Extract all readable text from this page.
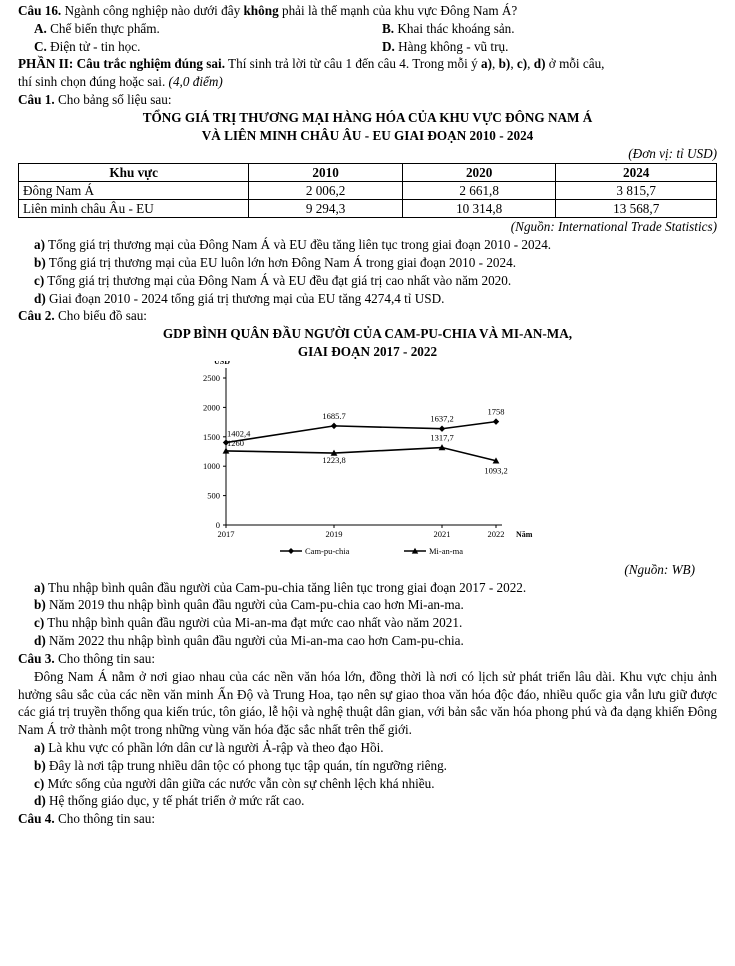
Câu 16. Ngành công nghiệp nào dưới đây không phải là thế mạnh của khu vực Đông Nam Á?

A. Chế biến thực phẩm.	B. Khai thác khoáng sản.
C. Điện tử - tin học.	D. Hàng không - vũ trụ.

PHẦN II: Câu trắc nghiệm đúng sai. Thí sinh trả lời từ câu 1 đến câu 4. Trong mỗi ý a), b), c), d) ở mỗi câu,

thí sinh chọn đúng hoặc sai. (4,0 điểm)

Câu 1. Cho bảng số liệu sau:

TỔNG GIÁ TRỊ THƯƠNG MẠI HÀNG HÓA CỦA KHU VỰC ĐÔNG NAM Á

VÀ LIÊN MINH CHÂU ÂU - EU GIAI ĐOẠN 2010 - 2024

(Đơn vị: tỉ USD)

Khu vực	2010	2020	2024
Đông Nam Á	2 006,2	2 661,8	3 815,7
Liên minh châu Âu - EU	9 294,3	10 314,8	13 568,7

(Nguồn: International Trade Statistics)

a) Tổng giá trị thương mại của Đông Nam Á và EU đều tăng liên tục trong giai đoạn 2010 - 2024.

b) Tổng giá trị thương mại của EU luôn lớn hơn Đông Nam Á trong giai đoạn 2010 - 2024.

c) Tổng giá trị thương mại của Đông Nam Á và EU đều đạt giá trị cao nhất vào năm 2020.

d) Giai đoạn 2010 - 2024 tổng giá trị thương mại của EU tăng 4274,4 tỉ USD.

Câu 2. Cho biểu đồ sau:

GDP BÌNH QUÂN ĐẦU NGƯỜI CỦA CAM-PU-CHIA VÀ MI-AN-MA,

GIAI ĐOẠN 2017 - 2022

USD
Năm
0
500
1000
1500
2000
2500
2017	2019	2021	2022
1402,4
1685.7	1637,2
1758
1260
1223,8
1317,7
1093,2
Cam-pu-chia	Mi-an-ma

(Nguồn: WB)

a) Thu nhập bình quân đầu người của Cam-pu-chia tăng liên tục trong giai đoạn 2017 - 2022.

b) Năm 2019 thu nhập bình quân đầu người của Cam-pu-chia cao hơn Mi-an-ma.

c) Thu nhập bình quân đầu người của Mi-an-ma đạt mức cao nhất vào năm 2021.

d) Năm 2022 thu nhập bình quân đầu người của Mi-an-ma cao hơn Cam-pu-chia.

Câu 3. Cho thông tin sau:

Đông Nam Á nằm ở nơi giao nhau của các nền văn hóa lớn, đồng thời là nơi có lịch sử phát triển lâu dài. Khu vực chịu ảnh hưởng sâu sắc của các nền văn minh Ấn Độ và Trung Hoa, tạo nên sự giao thoa văn hóa độc đáo, nhiều quốc gia vẫn lưu giữ được các giá trị truyền thống qua kiến trúc, tôn giáo, lễ hội và nghệ thuật dân gian, với bản sắc văn hóa phong phú và đa dạng khiến Đông Nam Á trở thành một trong những vùng văn hóa đặc sắc nhất trên thế giới.

a) Là khu vực có phần lớn dân cư là người Ả-rập và theo đạo Hồi.

b) Đây là nơi tập trung nhiều dân tộc có phong tục tập quán, tín ngưỡng riêng.

c) Mức sống của người dân giữa các nước vẫn còn sự chênh lệch khá nhiều.

d) Hệ thống giáo dục, y tế phát triển ở mức rất cao.

Câu 4. Cho thông tin sau:
